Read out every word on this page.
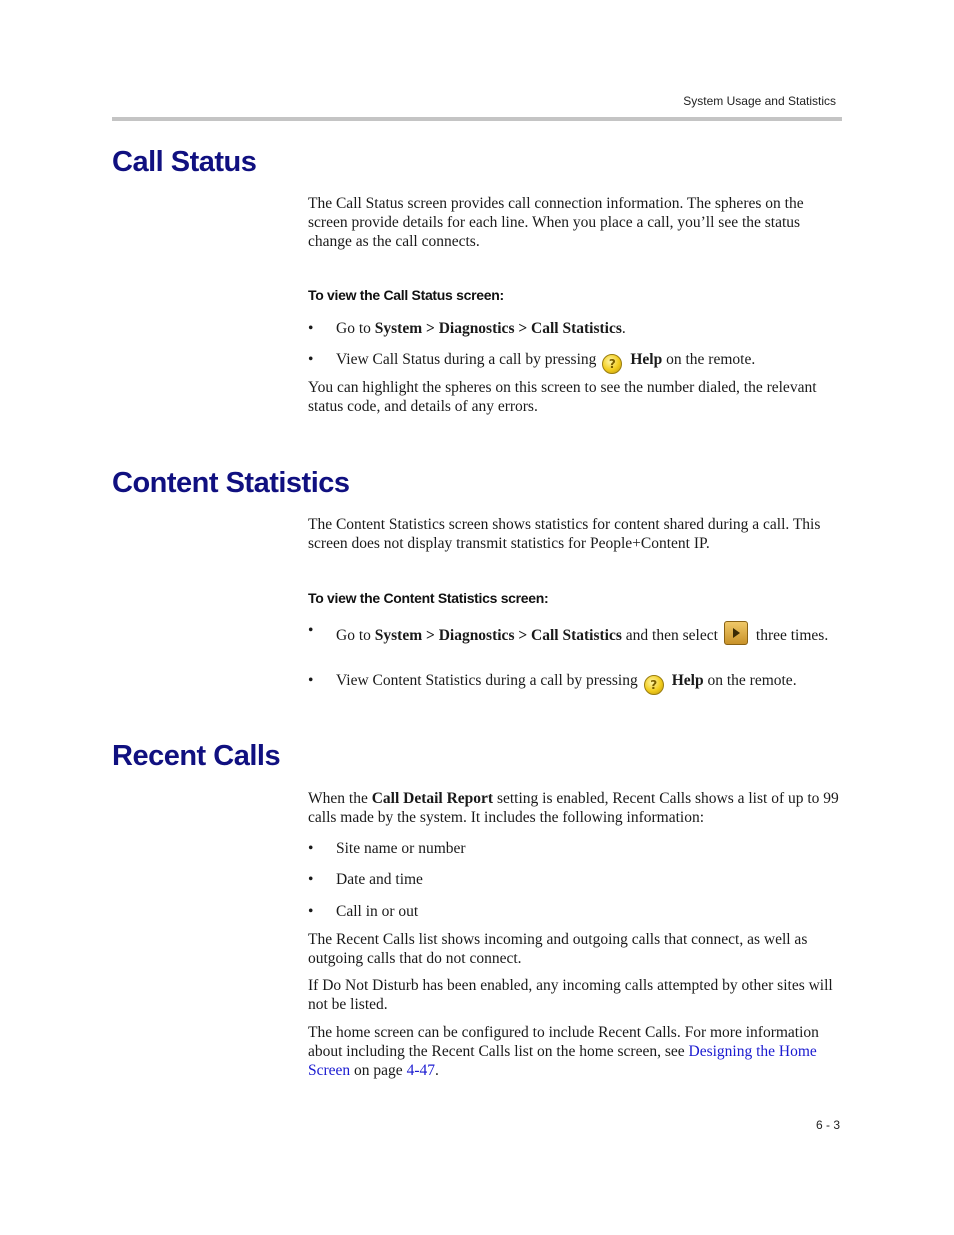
System Usage and Statistics
Call Status

The Call Status screen provides call connection information. The spheres on the screen provide details for each line. When you place a call, you’ll see the status change as the call connects.

To view the Call Status screen:
• Go to System > Diagnostics > Call Statistics.
• View Call Status during a call by pressing ? Help on the remote.

You can highlight the spheres on this screen to see the number dialed, the relevant status code, and details of any errors.

Content Statistics

The Content Statistics screen shows statistics for content shared during a call. This screen does not display transmit statistics for People+Content IP.

To view the Content Statistics screen:
• Go to System > Diagnostics > Call Statistics and then select three times.
• View Content Statistics during a call by pressing ? Help on the remote.
Recent Calls

When the Call Detail Report setting is enabled, Recent Calls shows a list of up to 99 calls made by the system. It includes the following information:

• Site name or number
• Date and time
• Call in or out

The Recent Calls list shows incoming and outgoing calls that connect, as well as outgoing calls that do not connect.

If Do Not Disturb has been enabled, any incoming calls attempted by other sites will not be listed.

The home screen can be configured to include Recent Calls. For more information about including the Recent Calls list on the home screen, see Designing the Home Screen on page 4-47.

6 - 3
